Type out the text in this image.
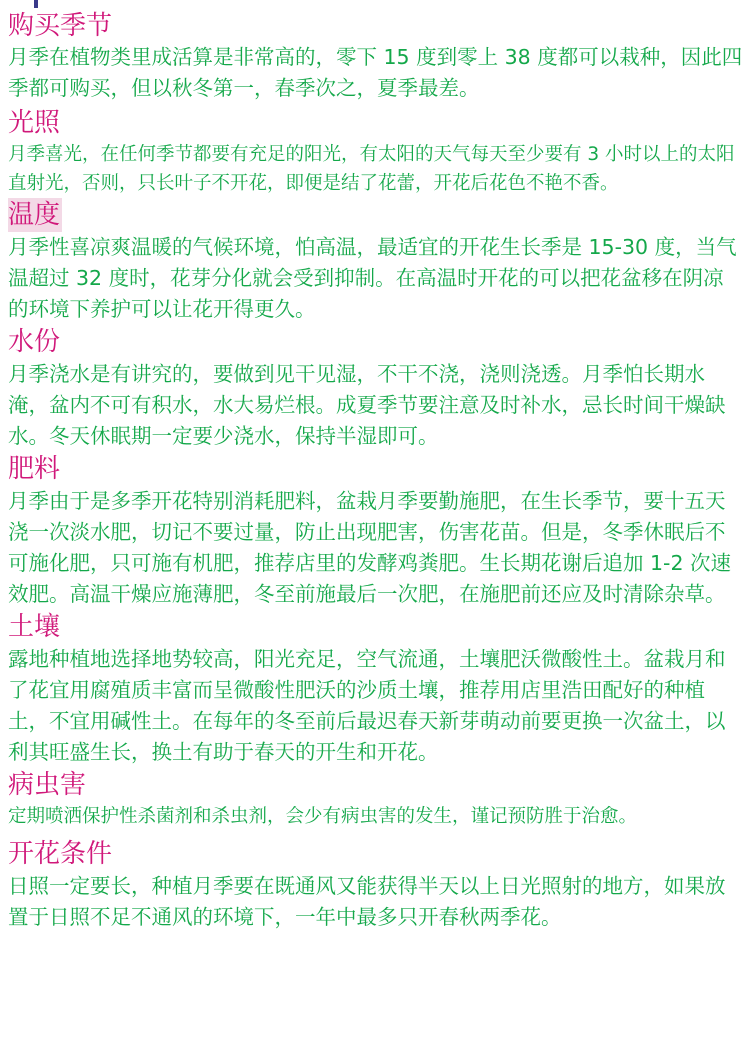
购买季节

月季在植物类里成活算是非常高的，零下 15 度到零上 38 度都可以栽种，因此四季都可购买，但以秋冬第一，春季次之，夏季最差。

光照

月季喜光，在任何季节都要有充足的阳光，有太阳的天气每天至少要有 3 小时以上的太阳直射光，否则，只长叶子不开花，即便是结了花蕾，开花后花色不艳不香。

温度

月季性喜凉爽温暖的气候环境，怕高温，最适宜的开花生长季是 15-30 度，当气温超过 32 度时，花芽分化就会受到抑制。在高温时开花的可以把花盆移在阴凉的环境下养护可以让花开得更久。

水份

月季浇水是有讲究的，要做到见干见湿，不干不浇，浇则浇透。月季怕长期水淹，盆内不可有积水，水大易烂根。成夏季节要注意及时补水，忌长时间干燥缺水。冬天休眠期一定要少浇水，保持半湿即可。

肥料

月季由于是多季开花特别消耗肥料，盆栽月季要勤施肥，在生长季节，要十五天浇一次淡水肥，切记不要过量，防止出现肥害，伤害花苗。但是，冬季休眠后不可施化肥，只可施有机肥，推荐店里的发酵鸡粪肥。生长期花谢后追加 1-2 次速效肥。高温干燥应施薄肥，冬至前施最后一次肥，在施肥前还应及时清除杂草。

土壤

露地种植地选择地势较高，阳光充足，空气流通，土壤肥沃微酸性土。盆栽月和了花宜用腐殖质丰富而呈微酸性肥沃的沙质土壤，推荐用店里浩田配好的种植土，不宜用碱性土。在每年的冬至前后最迟春天新芽萌动前要更换一次盆土，以利其旺盛生长，换土有助于春天的开生和开花。

病虫害

定期喷洒保护性杀菌剂和杀虫剂，会少有病虫害的发生，谨记预防胜于治愈。

开花条件

日照一定要长，种植月季要在既通风又能获得半天以上日光照射的地方，如果放置于日照不足不通风的环境下，一年中最多只开春秋两季花。
